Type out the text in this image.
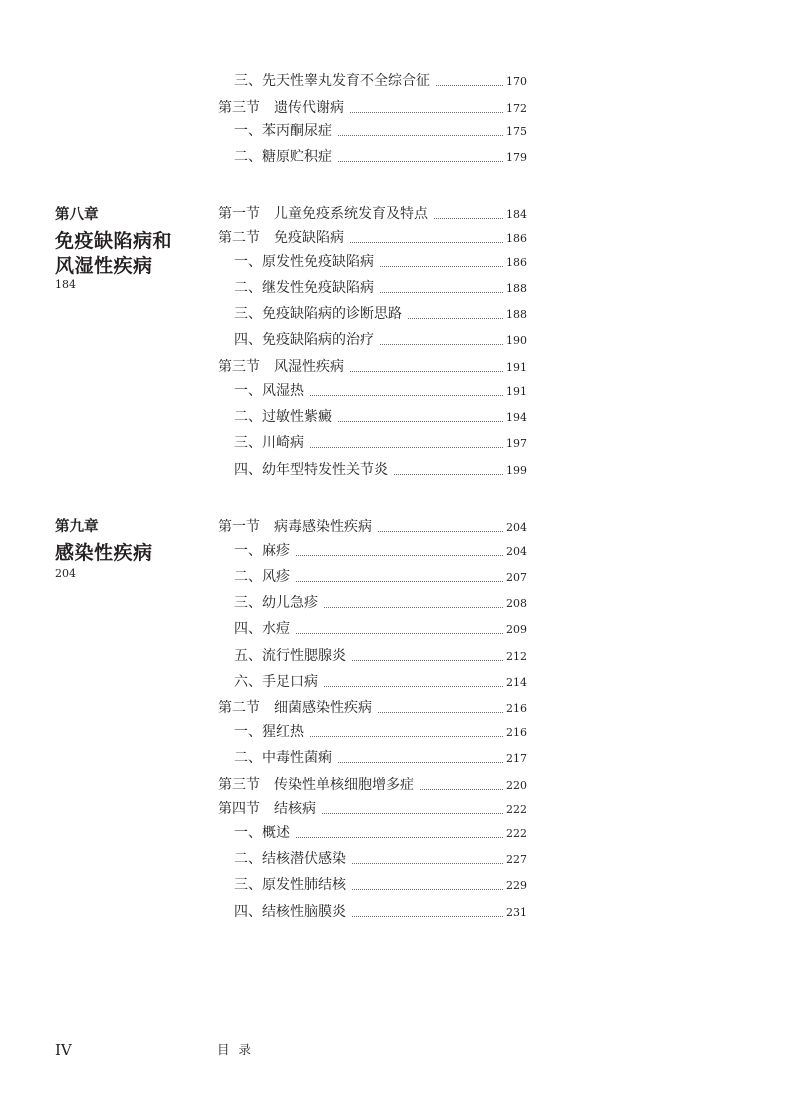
三、先天性睾丸发育不全综合征	170
第三节　遗传代谢病	172
一、苯丙酮尿症	175
二、糖原贮积症	179
第八章
免疫缺陷病和
风湿性疾病
184
第一节　儿童免疫系统发育及特点	184
第二节　免疫缺陷病	186
一、原发性免疫缺陷病	186
二、继发性免疫缺陷病	188
三、免疫缺陷病的诊断思路	188
四、免疫缺陷病的治疗	190
第三节　风湿性疾病	191
一、风湿热	191
二、过敏性紫癜	194
三、川崎病	197
四、幼年型特发性关节炎	199
第九章
感染性疾病
204
第一节　病毒感染性疾病	204
一、麻疹	204
二、风疹	207
三、幼儿急疹	208
四、水痘	209
五、流行性腮腺炎	212
六、手足口病	214
第二节　细菌感染性疾病	216
一、猩红热	216
二、中毒性菌痢	217
第三节　传染性单核细胞增多症	220
第四节　结核病	222
一、概述	222
二、结核潜伏感染	227
三、原发性肺结核	229
四、结核性脑膜炎	231
IV	目录
